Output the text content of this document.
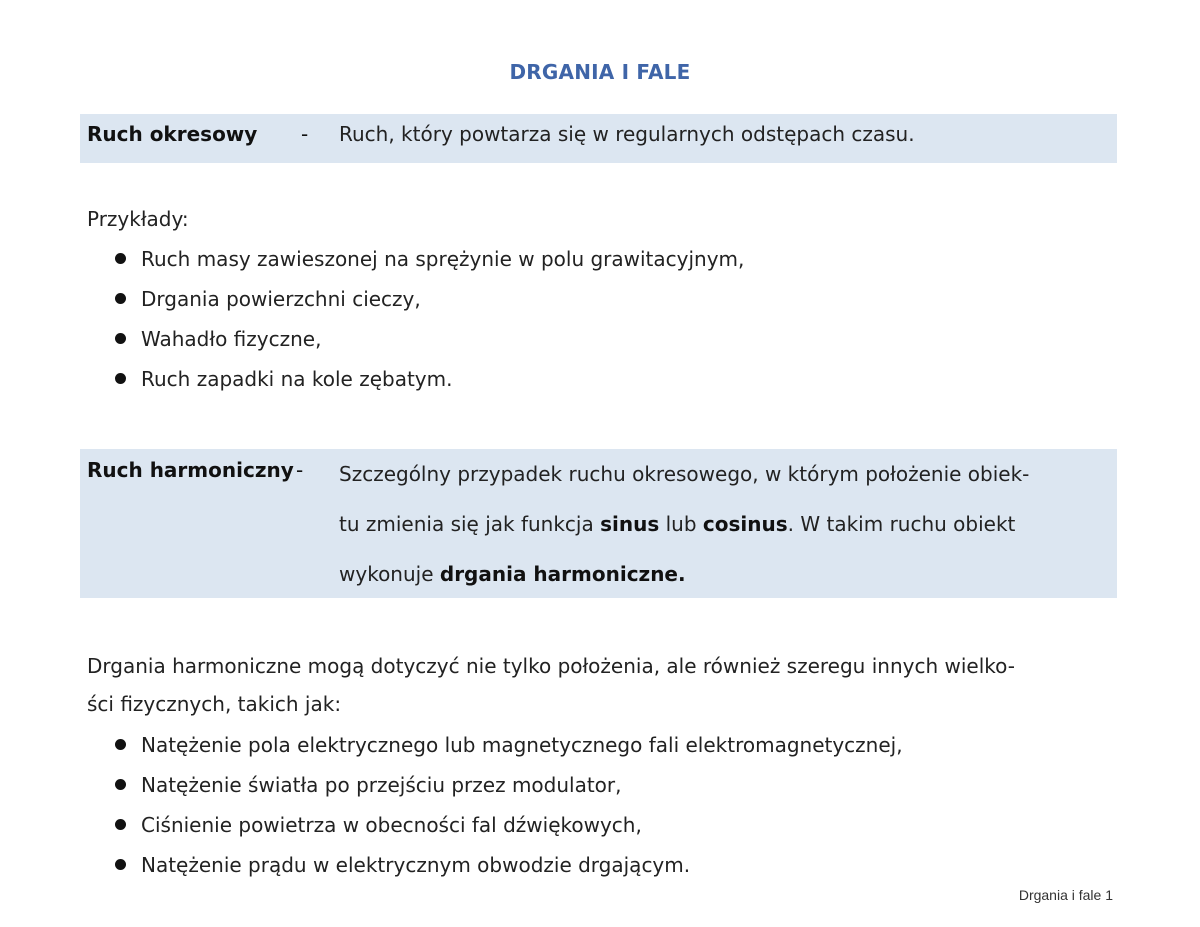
DRGANIA I FALE
Ruch okresowy - Ruch, który powtarza się w regularnych odstępach czasu.
Przykłady:
Ruch masy zawieszonej na sprężynie w polu grawitacyjnym,
Drgania powierzchni cieczy,
Wahadło fizyczne,
Ruch zapadki na kole zębatym.
Ruch harmoniczny - Szczególny przypadek ruchu okresowego, w którym położenie obiek-
tu zmienia się jak funkcja sinus lub cosinus. W takim ruchu obiekt
wykonuje drgania harmoniczne.
Drgania harmoniczne mogą dotyczyć nie tylko położenia, ale również szeregu innych wielko-
ści fizycznych, takich jak:
Natężenie pola elektrycznego lub magnetycznego fali elektromagnetycznej,
Natężenie światła po przejściu przez modulator,
Ciśnienie powietrza w obecności fal dźwiękowych,
Natężenie prądu w elektrycznym obwodzie drgającym.
Drgania i fale 1
